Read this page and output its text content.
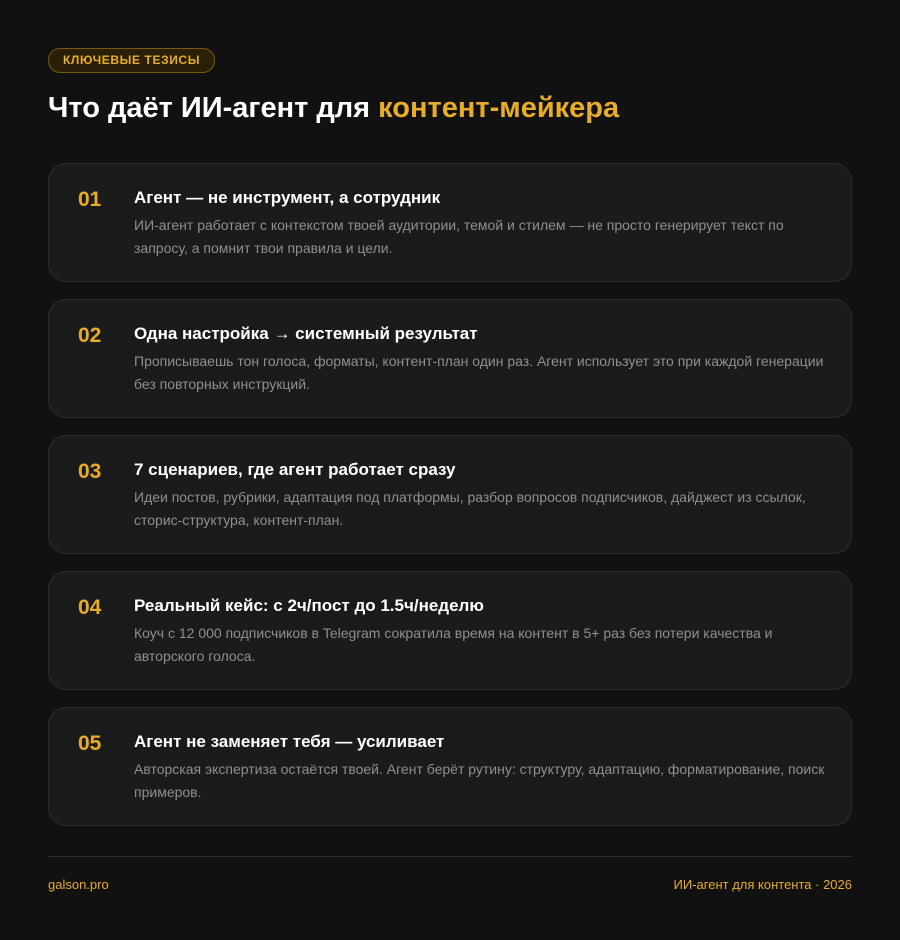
КЛЮЧЕВЫЕ ТЕЗИСЫ
Что даёт ИИ-агент для контент-мейкера
01 Агент — не инструмент, а сотрудник
ИИ-агент работает с контекстом твоей аудитории, темой и стилем — не просто генерирует текст по запросу, а помнит твои правила и цели.
02 Одна настройка → системный результат
Прописываешь тон голоса, форматы, контент-план один раз. Агент использует это при каждой генерации без повторных инструкций.
03 7 сценариев, где агент работает сразу
Идеи постов, рубрики, адаптация под платформы, разбор вопросов подписчиков, дайджест из ссылок, сторис-структура, контент-план.
04 Реальный кейс: с 2ч/пост до 1.5ч/неделю
Коуч с 12 000 подписчиков в Telegram сократила время на контент в 5+ раз без потери качества и авторского голоса.
05 Агент не заменяет тебя — усиливает
Авторская экспертиза остаётся твоей. Агент берёт рутину: структуру, адаптацию, форматирование, поиск примеров.
galson.pro	ИИ-агент для контента · 2026
